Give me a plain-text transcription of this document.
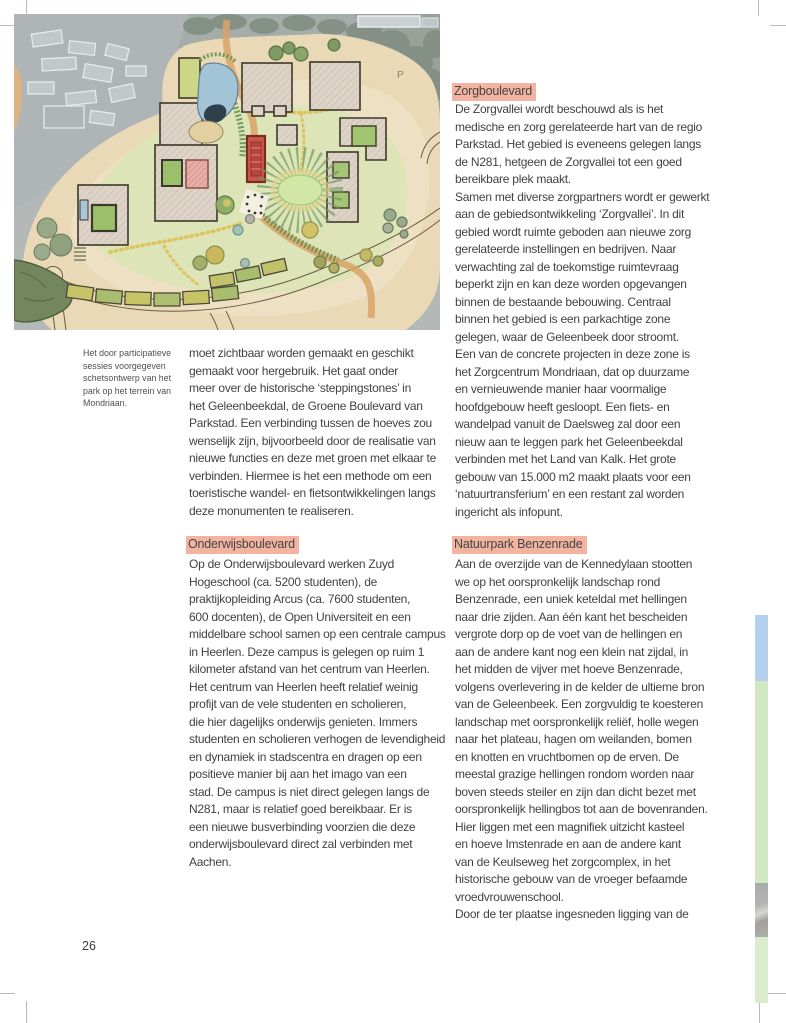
P
Het door participatieve
sessies voorgegeven
schetsontwerp van het
park op het terrein van
Mondriaan.
moet zichtbaar worden gemaakt en geschikt
gemaakt voor hergebruik. Het gaat onder
meer over de historische ‘steppingstones’ in
het Geleenbeekdal, de Groene Boulevard van
Parkstad. Een verbinding tussen de hoeves zou
wenselijk zijn, bijvoorbeeld door de realisatie van
nieuwe functies en deze met groen met elkaar te
verbinden. Hiermee is het een methode om een
toeristische wandel- en fietsontwikkelingen langs
deze monumenten te realiseren.
Onderwijsboulevard
Op de Onderwijsboulevard werken Zuyd
Hogeschool (ca. 5200 studenten), de
praktijkopleiding Arcus (ca. 7600 studenten,
600 docenten), de Open Universiteit en een
middelbare school samen op een centrale campus
in Heerlen. Deze campus is gelegen op ruim 1
kilometer afstand van het centrum van Heerlen.
Het centrum van Heerlen heeft relatief weinig
profijt van de vele studenten en scholieren,
die hier dagelijks onderwijs genieten. Immers
studenten en scholieren verhogen de levendigheid
en dynamiek in stadscentra en dragen op een
positieve manier bij aan het imago van een
stad. De campus is niet direct gelegen langs de
N281, maar is relatief goed bereikbaar. Er is
een nieuwe busverbinding voorzien die deze
onderwijsboulevard direct zal verbinden met
Aachen.
Zorgboulevard
De Zorgvallei wordt beschouwd als is het
medische en zorg gerelateerde hart van de regio
Parkstad. Het gebied is eveneens gelegen langs
de N281, hetgeen de Zorgvallei tot een goed
bereikbare plek maakt.
Samen met diverse zorgpartners wordt er gewerkt
aan de gebiedsontwikkeling ‘Zorgvallei’. In dit
gebied wordt ruimte geboden aan nieuwe zorg
gerelateerde instellingen en bedrijven. Naar
verwachting zal de toekomstige ruimtevraag
beperkt zijn en kan deze worden opgevangen
binnen de bestaande bebouwing. Centraal
binnen het gebied is een parkachtige zone
gelegen, waar de Geleenbeek door stroomt.
Een van de concrete projecten in deze zone is
het Zorgcentrum Mondriaan, dat op duurzame
en vernieuwende manier haar voormalige
hoofdgebouw heeft gesloopt. Een fiets- en
wandelpad vanuit de Daelsweg zal door een
nieuw aan te leggen park het Geleenbeekdal
verbinden met het Land van Kalk. Het grote
gebouw van 15.000 m2 maakt plaats voor een
‘natuurtransferium’ en een restant zal worden
ingericht als infopunt.
Natuurpark Benzenrade
Aan de overzijde van de Kennedylaan stootten
we op het oorspronkelijk landschap rond
Benzenrade, een uniek keteldal met hellingen
naar drie zijden. Aan één kant het bescheiden
vergrote dorp op de voet van de hellingen en
aan de andere kant nog een klein nat zijdal, in
het midden de vijver met hoeve Benzenrade,
volgens overlevering in de kelder de ultieme bron
van de Geleenbeek. Een zorgvuldig te koesteren
landschap met oorspronkelijk reliëf, holle wegen
naar het plateau, hagen om weilanden, bomen
en knotten en vruchtbomen op de erven. De
meestal grazige hellingen rondom worden naar
boven steeds steiler en zijn dan dicht bezet met
oorspronkelijk hellingbos tot aan de bovenranden.
Hier liggen met een magnifiek uitzicht kasteel
en hoeve Imstenrade en aan de andere kant
van de Keulseweg het zorgcomplex, in het
historische gebouw van de vroeger befaamde
vroedvrouwenschool.
Door de ter plaatse ingesneden ligging van de
26
